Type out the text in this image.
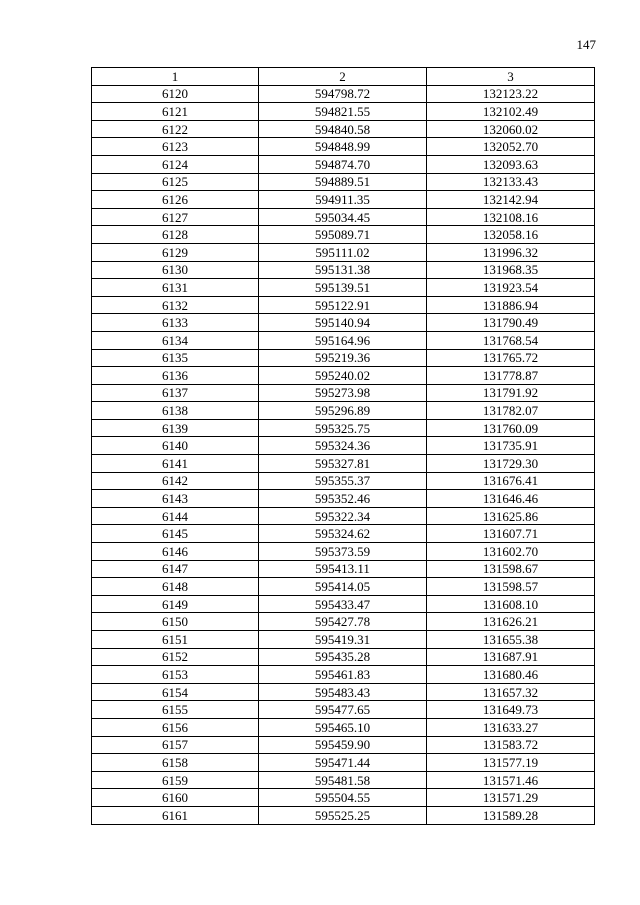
147
1	2	3
6120	594798.72	132123.22
6121	594821.55	132102.49
6122	594840.58	132060.02
6123	594848.99	132052.70
6124	594874.70	132093.63
6125	594889.51	132133.43
6126	594911.35	132142.94
6127	595034.45	132108.16
6128	595089.71	132058.16
6129	595111.02	131996.32
6130	595131.38	131968.35
6131	595139.51	131923.54
6132	595122.91	131886.94
6133	595140.94	131790.49
6134	595164.96	131768.54
6135	595219.36	131765.72
6136	595240.02	131778.87
6137	595273.98	131791.92
6138	595296.89	131782.07
6139	595325.75	131760.09
6140	595324.36	131735.91
6141	595327.81	131729.30
6142	595355.37	131676.41
6143	595352.46	131646.46
6144	595322.34	131625.86
6145	595324.62	131607.71
6146	595373.59	131602.70
6147	595413.11	131598.67
6148	595414.05	131598.57
6149	595433.47	131608.10
6150	595427.78	131626.21
6151	595419.31	131655.38
6152	595435.28	131687.91
6153	595461.83	131680.46
6154	595483.43	131657.32
6155	595477.65	131649.73
6156	595465.10	131633.27
6157	595459.90	131583.72
6158	595471.44	131577.19
6159	595481.58	131571.46
6160	595504.55	131571.29
6161	595525.25	131589.28
